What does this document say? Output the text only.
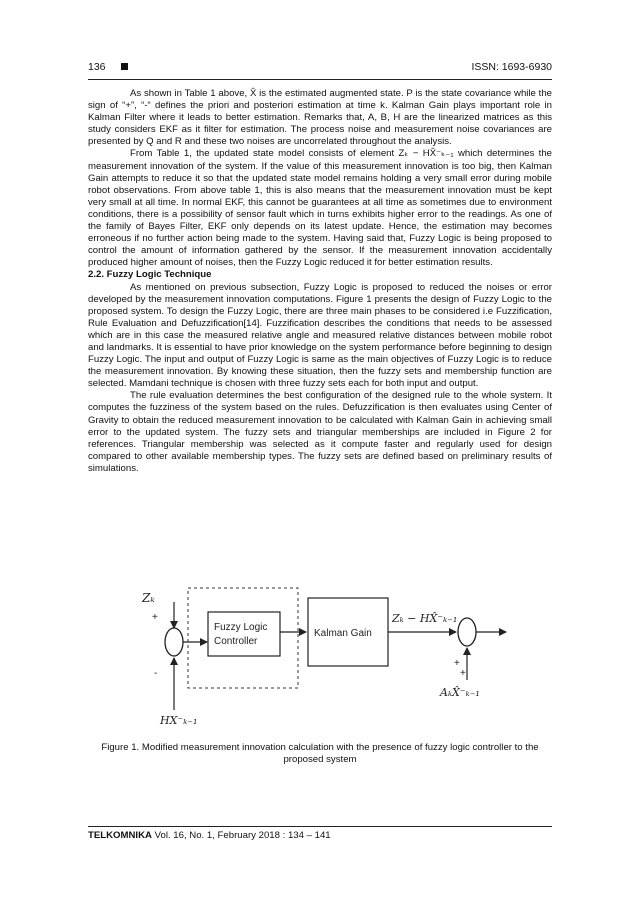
136	ISSN: 1693-6930

As shown in Table 1 above, X̂ is the estimated augmented state. P is the state covariance while the sign of “+”, “-“ defines the priori and posteriori estimation at time k. Kalman Gain plays important role in Kalman Filter where it leads to better estimation. Remarks that, A, B, H are the linearized matrices as this study considers EKF as it filter for estimation. The process noise and measurement noise covariances are presented by Q and R and these two noises are uncorrelated throughout the analysis.

From Table 1, the updated state model consists of element Zₖ − HX̂⁻ₖ₋₁ which determines the measurement innovation of the system. If the value of this measurement innovation is too big, then Kalman Gain attempts to reduce it so that the updated state model remains holding a very small error during mobile robot observations. From above table 1, this is also means that the measurement innovation must be kept very small at all time. In normal EKF, this cannot be guarantees at all time as sometimes due to environment conditions, there is a possibility of sensor fault which in turns exhibits higher error to the readings. As one of the family of Bayes Filter, EKF only depends on its latest update. Hence, the estimation may becomes erroneous if no further action being made to the system. Having said that, Fuzzy Logic is being proposed to control the amount of information gathered by the sensor. If the measurement innovation accidentally produced higher amount of noises, then the Fuzzy Logic reduced it for better estimation results.

2.2. Fuzzy Logic Technique

As mentioned on previous subsection, Fuzzy Logic is proposed to reduced the noises or error developed by the measurement innovation computations. Figure 1 presents the design of Fuzzy Logic to the proposed system. To design the Fuzzy Logic, there are three main phases to be considered i.e Fuzzification, Rule Evaluation and Defuzzification[14]. Fuzzification describes the conditions that needs to be assessed which are in this case the measured relative angle and measured relative distances between mobile robot and landmarks. It is essential to have prior knowledge on the system performance before beginning to design Fuzzy Logic. The input and output of Fuzzy Logic is same as the main objectives of Fuzzy Logic is to reduce the measurement innovation. By knowing these situation, then the fuzzy sets and membership function are selected. Mamdani technique is chosen with three fuzzy sets each for both input and output.

The rule evaluation determines the best configuration of the designed rule to the whole system. It computes the fuzziness of the system based on the rules. Defuzzification is then evaluates using Center of Gravity to obtain the reduced measurement innovation to be calculated with Kalman Gain in achieving small error to the updated system. The fuzzy sets and triangular memberships are included in Figure 2 for references. Triangular membership was selected as it compute faster and regularly used for design compared to other available membership types. The fuzzy sets are defined based on preliminary results of simulations.

Zₖ
+
-
HX⁻ₖ₋₁
Fuzzy Logic
Controller
Kalman Gain
Zₖ − HX̂⁻ₖ₋₁
+
+
AₖX̂⁻ₖ₋₁
Figure 1. Modified measurement innovation calculation with the presence of fuzzy logic controller to the proposed system
TELKOMNIKA Vol. 16, No. 1, February 2018 : 134 – 141
